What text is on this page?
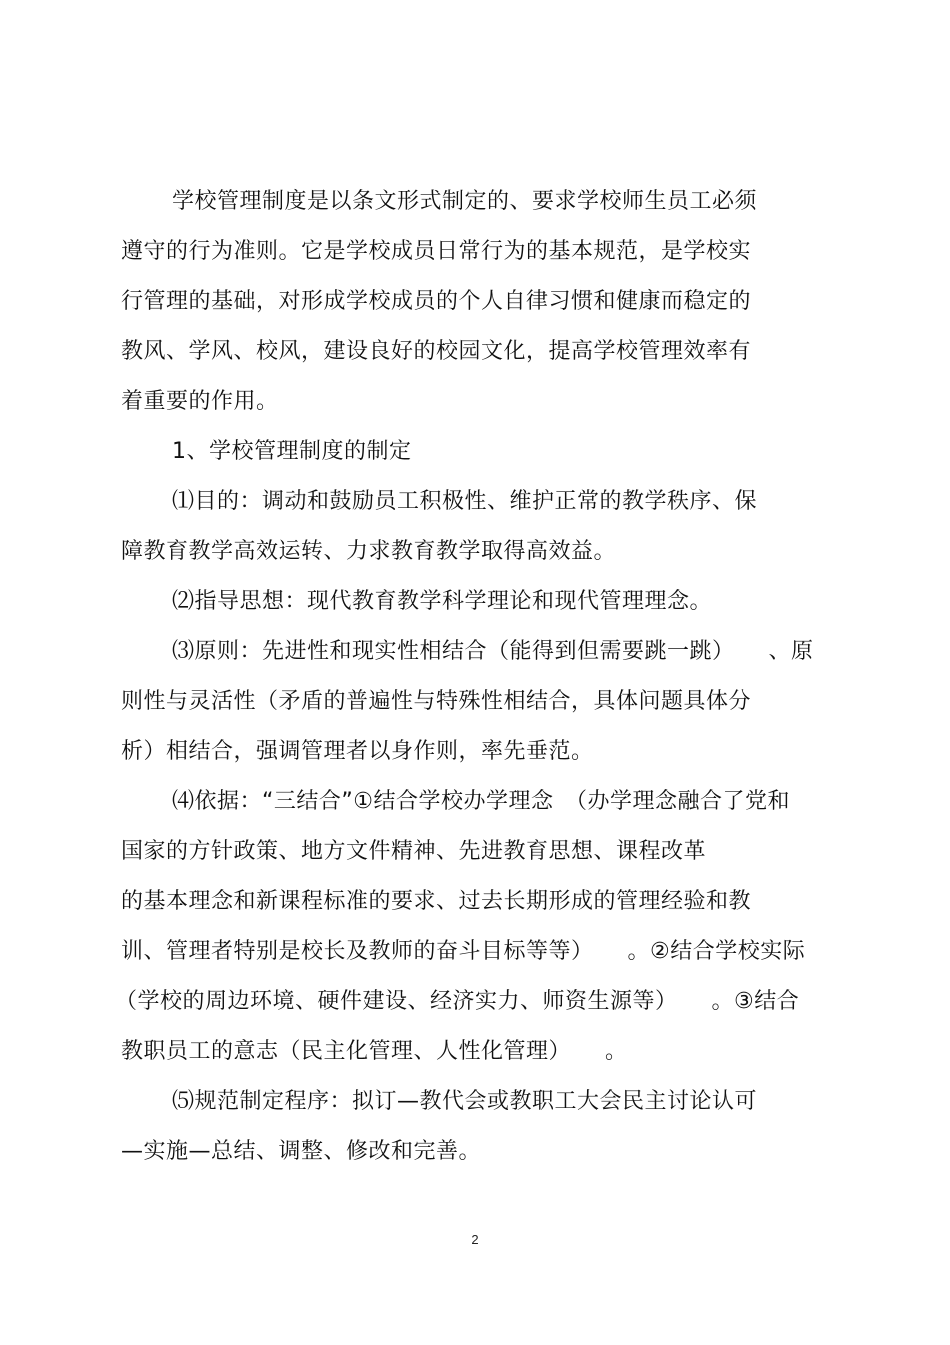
学校管理制度是以条文形式制定的、要求学校师生员工必须
遵守的行为准则。它是学校成员日常行为的基本规范，是学校实
行管理的基础，对形成学校成员的个人自律习惯和健康而稳定的
教风、学风、校风，建设良好的校园文化，提高学校管理效率有
着重要的作用。
1、学校管理制度的制定
⑴目的：调动和鼓励员工积极性、维护正常的教学秩序、保
障教育教学高效运转、力求教育教学取得高效益。
⑵指导思想：现代教育教学科学理论和现代管理理念。
⑶原则：先进性和现实性相结合（能得到但需要跳一跳）　　、原
则性与灵活性（矛盾的普遍性与特殊性相结合，具体问题具体分
析）相结合，强调管理者以身作则，率先垂范。
⑷依据：“三结合”①结合学校办学理念　（办学理念融合了党和
国家的方针政策、地方文件精神、先进教育思想、课程改革
的基本理念和新课程标准的要求、过去长期形成的管理经验和教
训、管理者特别是校长及教师的奋斗目标等等）　　。②结合学校实际
（学校的周边环境、硬件建设、经济实力、师资生源等）　　。③结合
教职员工的意志（民主化管理、人性化管理）　　。
⑸规范制定程序：拟订—教代会或教职工大会民主讨论认可
—实施—总结、调整、修改和完善。
2
